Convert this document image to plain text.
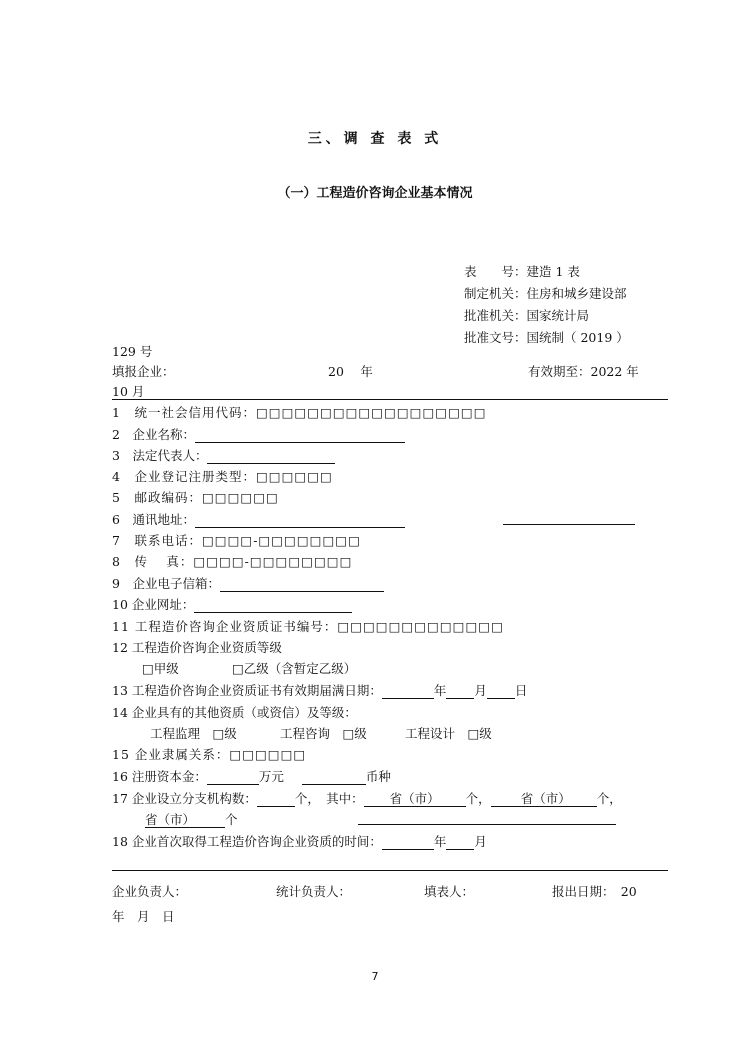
三、调 查 表 式
（一）工程造价咨询企业基本情况
表　　号：建造 1 表
制定机关：住房和城乡建设部
批准机关：国家统计局
批准文号：国统制（ 2019 ）
129 号
填报企业：	20　 年	有效期至：2022 年
10 月
1　统一社会信用代码：□□□□□□□□□□□□□□□□□□
2　企业名称：
3　法定代表人：
4　企业登记注册类型：□□□□□□
5　邮政编码：□□□□□□
6　通讯地址：
7　联系电话：□□□□-□□□□□□□□
8　传　 真：□□□□-□□□□□□□□
9　企业电子信箱：
10 企业网址：
11 工程造价咨询企业资质证书编号：□□□□□□□□□□□□□
12 工程造价咨询企业资质等级
□甲级	□乙级（含暂定乙级）
13 工程造价咨询企业资质证书有效期届满日期：	年 月 日
14 企业具有的其他资质（或资信）及等级：
工程监理　□级	工程咨询　□级	工程设计　□级
15 企业隶属关系：□□□□□□
16 注册资本金：	万元	币种
17 企业设立分支机构数：	个，　其中： 省（市） 个， 省（市） 个，
省（市） 个
18 企业首次取得工程造价咨询企业资质的时间：	年 月
企业负责人：	统计负责人：	填表人：	报出日期：　20
年　月　日
7
